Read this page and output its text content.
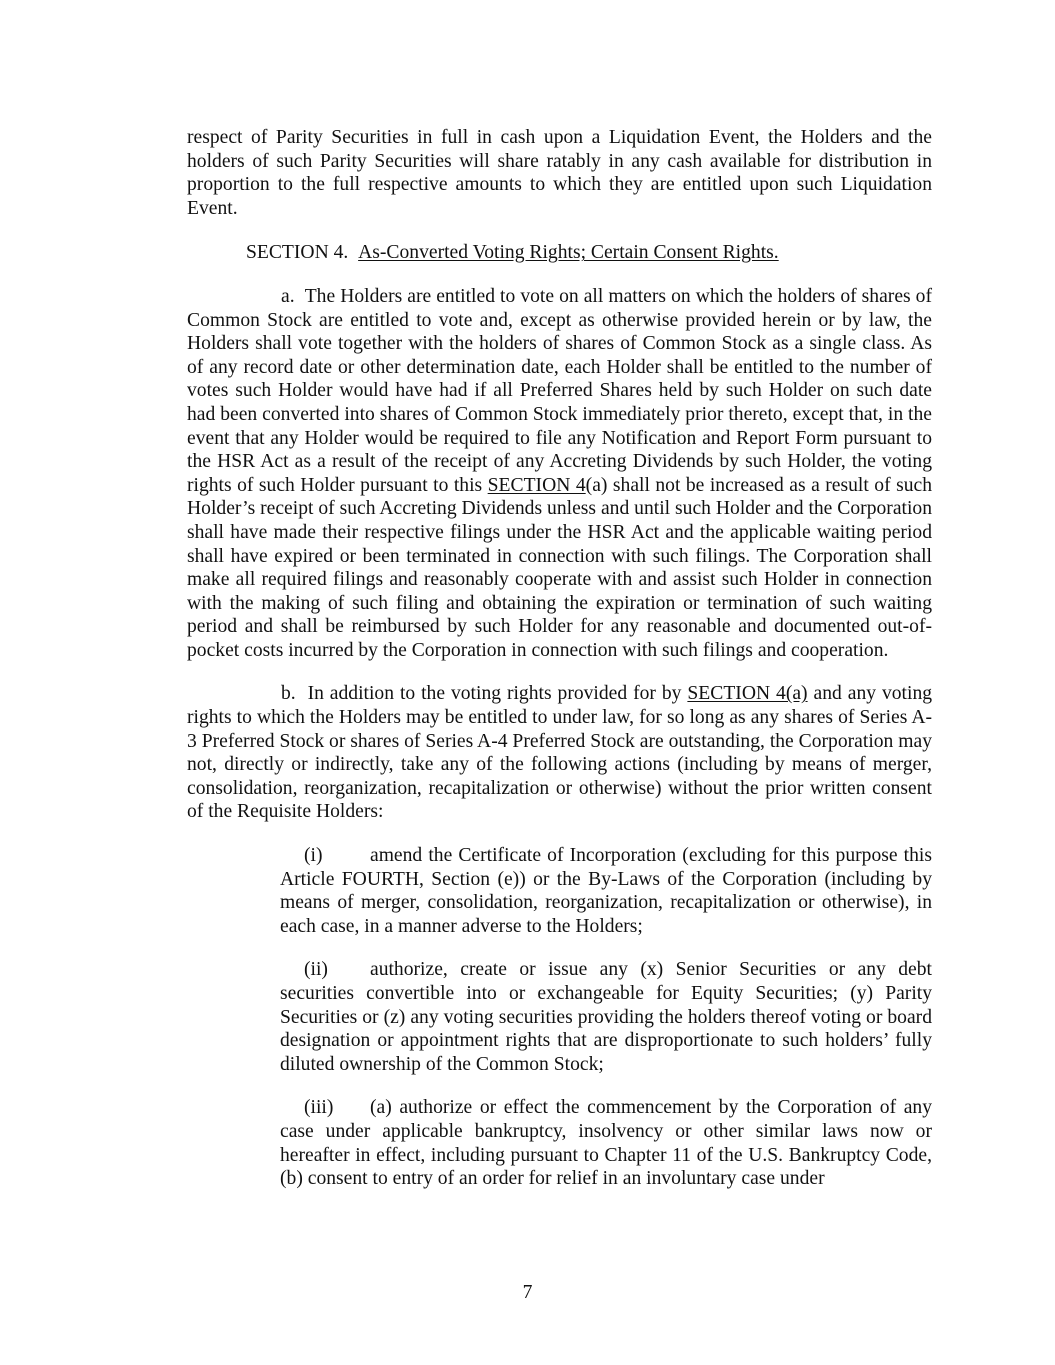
respect of Parity Securities in full in cash upon a Liquidation Event, the Holders and the holders of such Parity Securities will share ratably in any cash available for distribution in proportion to the full respective amounts to which they are entitled upon such Liquidation Event.

SECTION 4. As-Converted Voting Rights; Certain Consent Rights.

a. The Holders are entitled to vote on all matters on which the holders of shares of Common Stock are entitled to vote and, except as otherwise provided herein or by law, the Holders shall vote together with the holders of shares of Common Stock as a single class. As of any record date or other determination date, each Holder shall be entitled to the number of votes such Holder would have had if all Preferred Shares held by such Holder on such date had been converted into shares of Common Stock immediately prior thereto, except that, in the event that any Holder would be required to file any Notification and Report Form pursuant to the HSR Act as a result of the receipt of any Accreting Dividends by such Holder, the voting rights of such Holder pursuant to this SECTION 4(a) shall not be increased as a result of such Holder’s receipt of such Accreting Dividends unless and until such Holder and the Corporation shall have made their respective filings under the HSR Act and the applicable waiting period shall have expired or been terminated in connection with such filings. The Corporation shall make all required filings and reasonably cooperate with and assist such Holder in connection with the making of such filing and obtaining the expiration or termination of such waiting period and shall be reimbursed by such Holder for any reasonable and documented out-of-pocket costs incurred by the Corporation in connection with such filings and cooperation.

b. In addition to the voting rights provided for by SECTION 4(a) and any voting rights to which the Holders may be entitled to under law, for so long as any shares of Series A-3 Preferred Stock or shares of Series A-4 Preferred Stock are outstanding, the Corporation may not, directly or indirectly, take any of the following actions (including by means of merger, consolidation, reorganization, recapitalization or otherwise) without the prior written consent of the Requisite Holders:

(i) amend the Certificate of Incorporation (excluding for this purpose this Article FOURTH, Section (e)) or the By-Laws of the Corporation (including by means of merger, consolidation, reorganization, recapitalization or otherwise), in each case, in a manner adverse to the Holders;

(ii) authorize, create or issue any (x) Senior Securities or any debt securities convertible into or exchangeable for Equity Securities; (y) Parity Securities or (z) any voting securities providing the holders thereof voting or board designation or appointment rights that are disproportionate to such holders’ fully diluted ownership of the Common Stock;

(iii) (a) authorize or effect the commencement by the Corporation of any case under applicable bankruptcy, insolvency or other similar laws now or hereafter in effect, including pursuant to Chapter 11 of the U.S. Bankruptcy Code, (b) consent to entry of an order for relief in an involuntary case under

7
